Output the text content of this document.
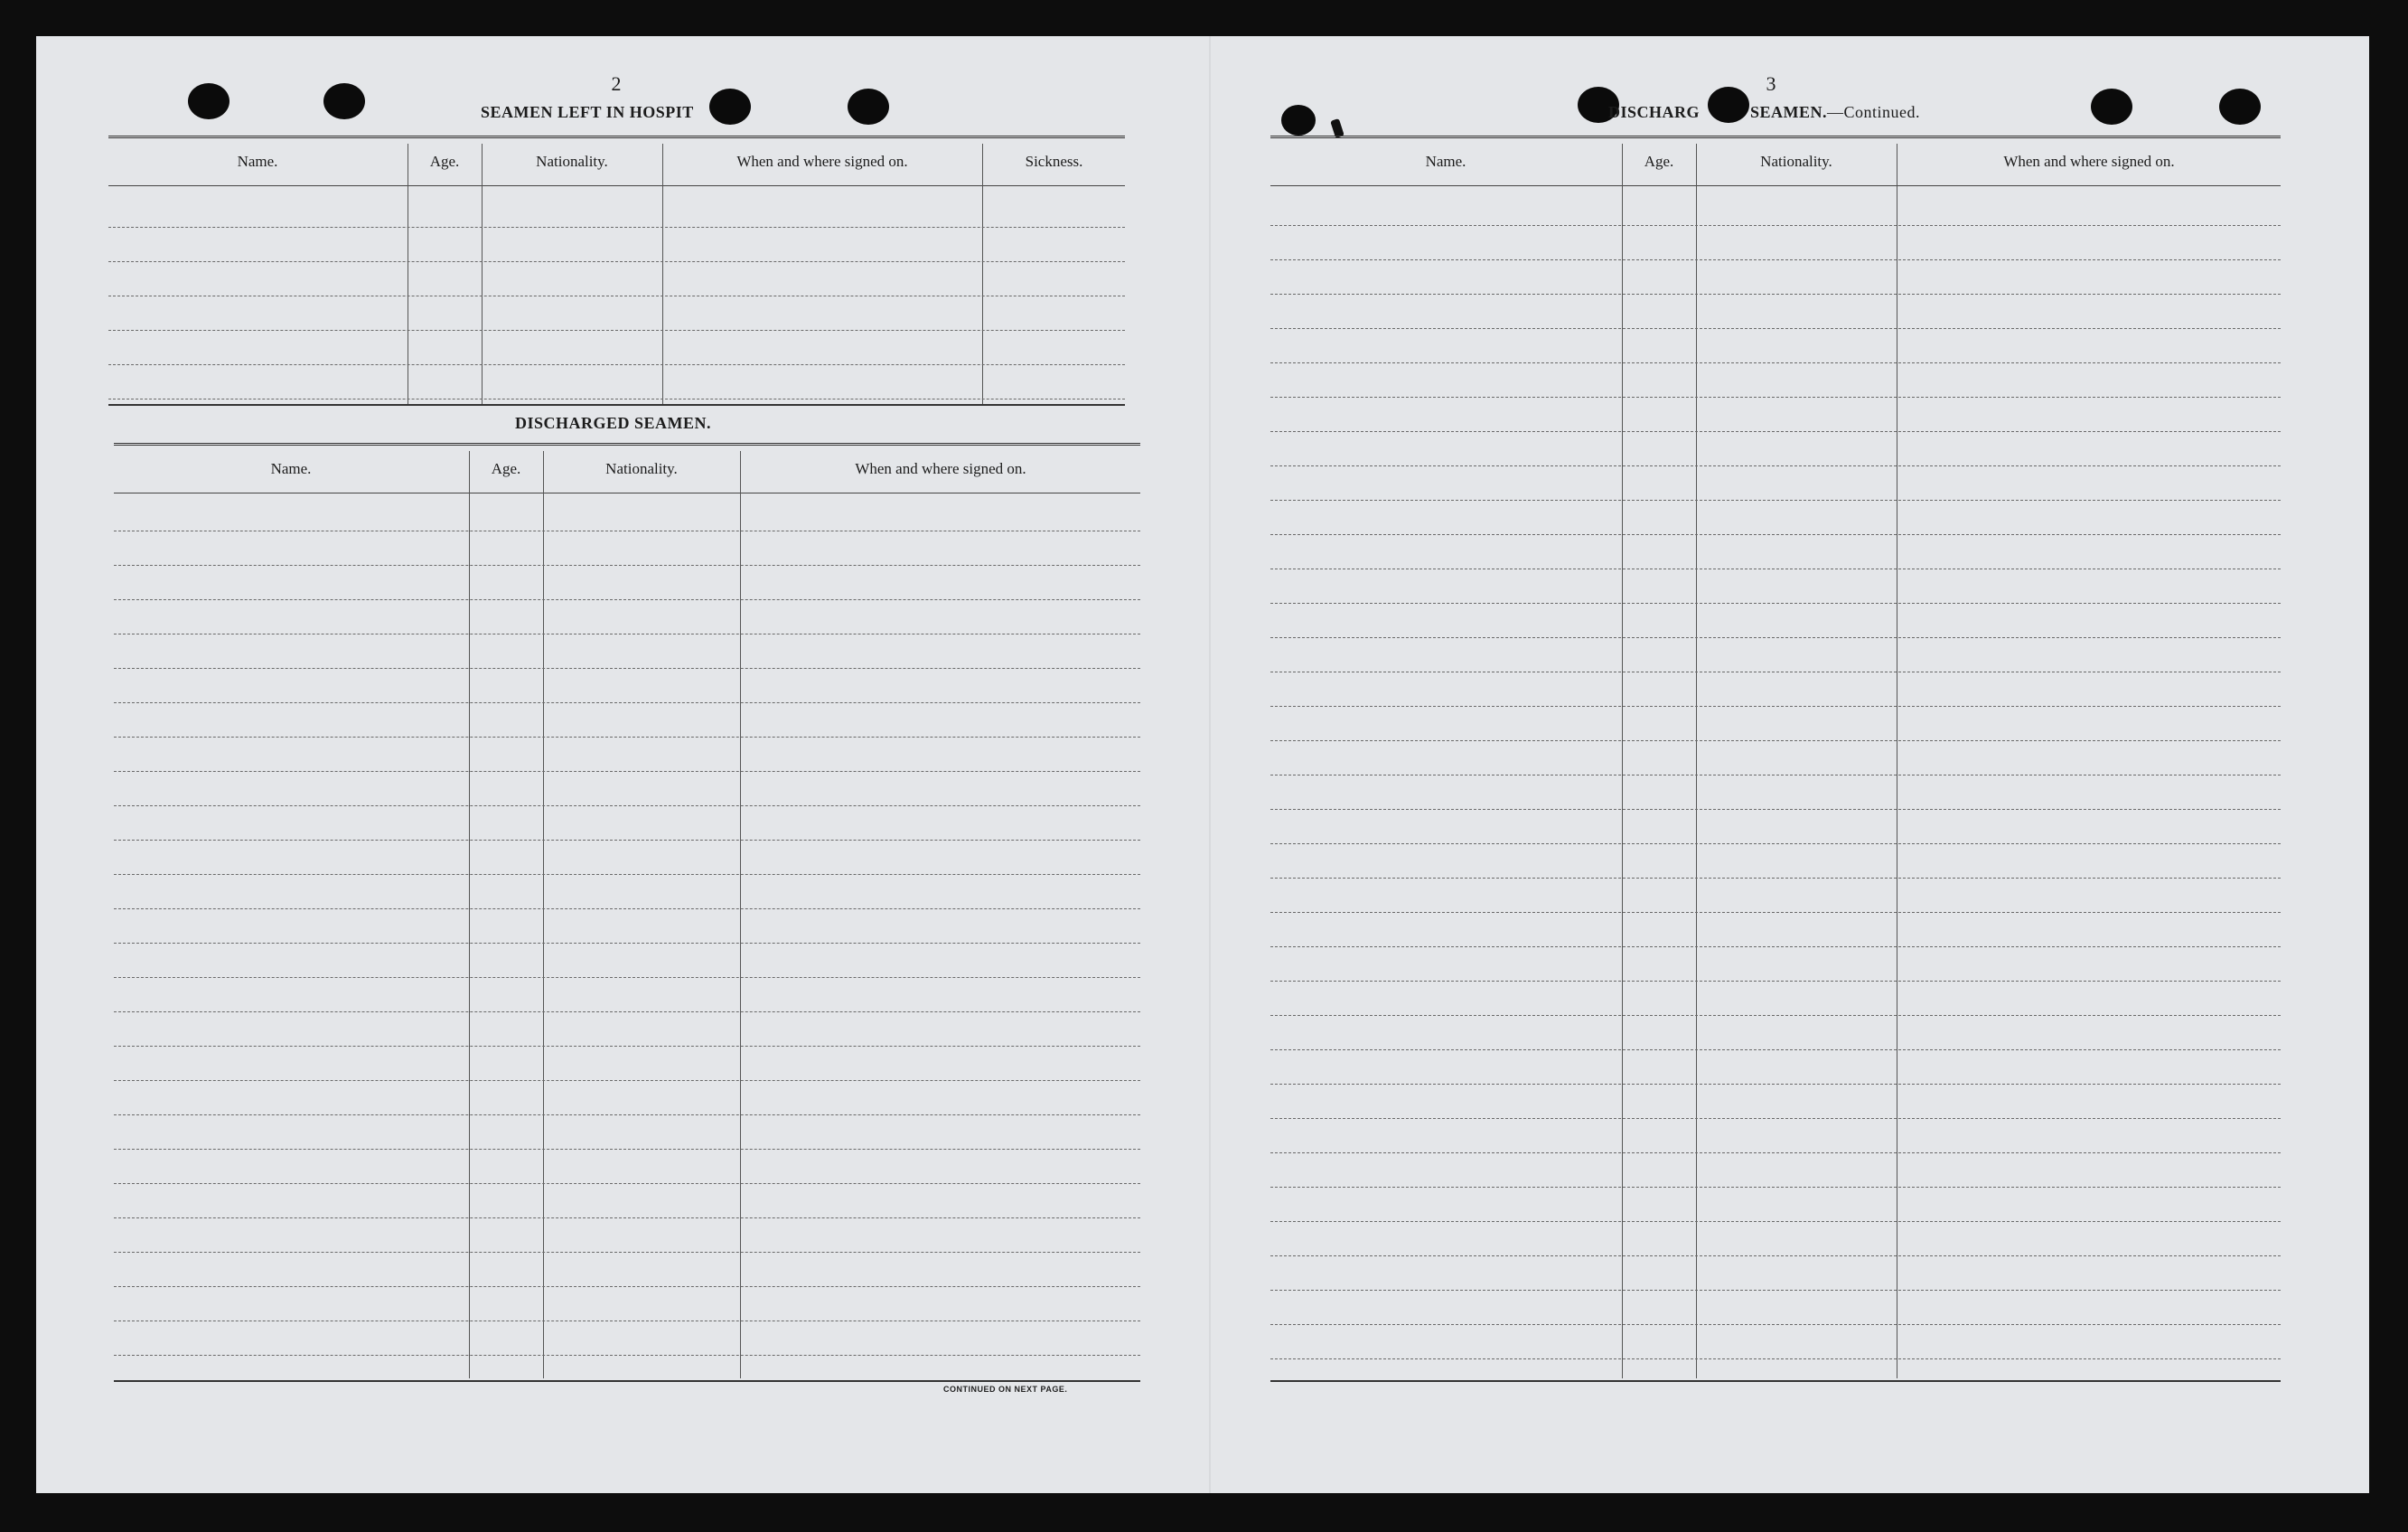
2
SEAMEN LEFT IN HOSPIT
Name.	Age.	Nationality.	When and where signed on.	Sickness.
DISCHARGED SEAMEN.
Name.	Age.	Nationality.	When and where signed on.
CONTINUED ON NEXT PAGE.
3
DISCHARG	SEAMEN.—Continued.
Name.	Age.	Nationality.	When and where signed on.
